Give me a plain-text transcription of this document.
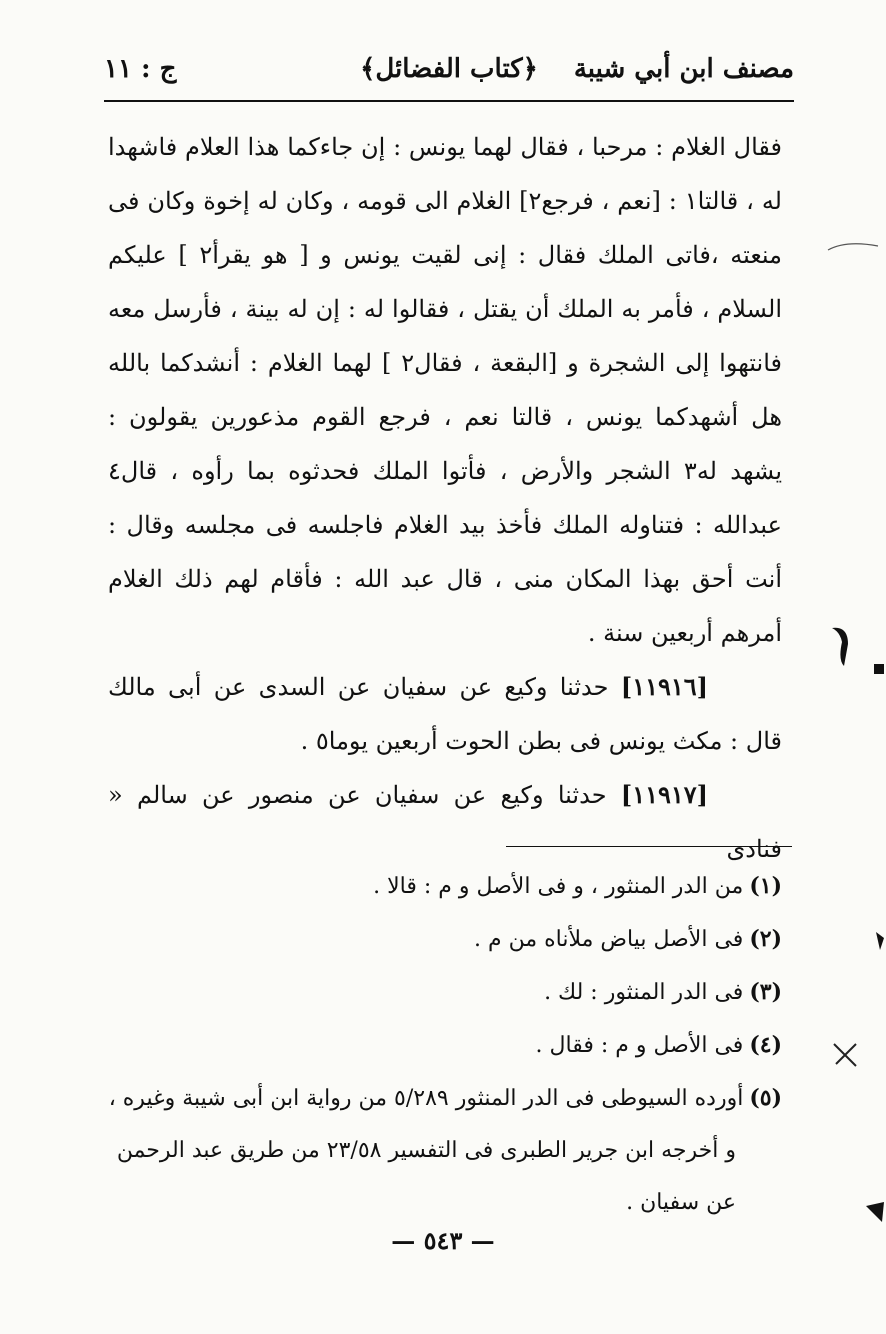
مصنف ابن أبي شيبة
﴿كتاب الفضائل﴾
ج : ١١

فقال الغلام : مرحبا ، فقال لهما يونس : إن جاءكما هذا العلام فاشهدا له ، قالتا١ : [نعم ، فرجع٢] الغلام الى قومه ، وكان له إخوة وكان فى منعته ،فاتى الملك فقال : إنى لقيت يونس و [ هو يقرأ٢ ] عليكم السلام ، فأمر به الملك أن يقتل ، فقالوا له : إن له بينة ، فأرسل معه فانتهوا إلى الشجرة و [البقعة ، فقال٢ ] لهما الغلام : أنشدكما بالله هل أشهدكما يونس ، قالتا نعم ، فرجع القوم مذعورين يقولون : يشهد له٣ الشجر والأرض ، فأتوا الملك فحدثوه بما رأوه ، قال٤ عبدالله : فتناوله الملك فأخذ بيد الغلام فاجلسه فى مجلسه وقال : أنت أحق بهذا المكان منى ، قال عبد الله : فأقام لهم ذلك الغلام أمرهم أربعين سنة .

[١١٩١٦] حدثنا وكيع عن سفيان عن السدى عن أبى مالك قال : مكث يونس فى بطن الحوت أربعين يوما٥ .

[١١٩١٧] حدثنا وكيع عن سفيان عن منصور عن سالم « فنادى

(١)من الدر المنثور ، و فى الأصل و م : قالا .

(٢)فى الأصل بياض ملأناه من م .

(٣)فى الدر المنثور : لك .

(٤)فى الأصل و م : فقال .

(٥)أورده السيوطى فى الدر المنثور ٥/٢٨٩ من رواية ابن أبى شيبة وغيره ،

و أخرجه ابن جرير الطبرى فى التفسير ٢٣/٥٨ من طريق عبد الرحمن

عن سفيان .

— ٥٤٣ —
